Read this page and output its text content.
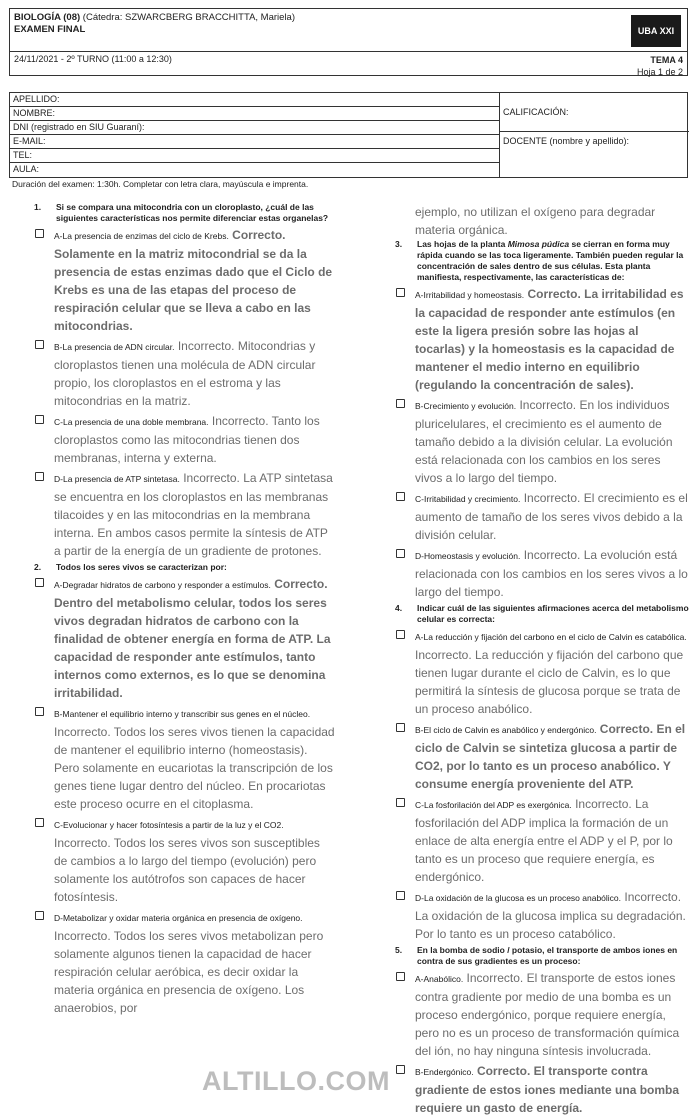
BIOLOGÍA (08) (Cátedra: SZWARCBERG BRACCHITTA, Mariela)
EXAMEN FINAL	UBA XXI
24/11/2021 - 2º TURNO (11:00 a 12:30)	TEMA 4
Hoja 1 de 2
APELLIDO:
NOMBRE:
DNI (registrado en SIU Guaraní):
E-MAIL:
TEL:
AULA:
CALIFICACIÓN:
DOCENTE (nombre y apellido):
Duración del examen: 1:30h. Completar con letra clara, mayúscula e imprenta.
1.	Si se compara una mitocondria con un cloroplasto, ¿cuál de las siguientes características nos permite diferenciar estas organelas?
A-La presencia de enzimas del ciclo de Krebs. Correcto. Solamente en la matriz mitocondrial se da la presencia de estas enzimas dado que el Ciclo de Krebs es una de las etapas del proceso de respiración celular que se lleva a cabo en las mitocondrias.
B-La presencia de ADN circular. Incorrecto. Mitocondrias y cloroplastos tienen una molécula de ADN circular propio, los cloroplastos en el estroma y las mitocondrias en la matriz.
C-La presencia de una doble membrana. Incorrecto. Tanto los cloroplastos como las mitocondrias tienen dos membranas, interna y externa.
D-La presencia de ATP sintetasa. Incorrecto. La ATP sintetasa se encuentra en los cloroplastos en las membranas tilacoides y en las mitocondrias en la membrana interna. En ambos casos permite la síntesis de ATP a partir de la energía de un gradiente de protones.
2.	Todos los seres vivos se caracterizan por:
A-Degradar hidratos de carbono y responder a estímulos. Correcto. Dentro del metabolismo celular, todos los seres vivos degradan hidratos de carbono con la finalidad de obtener energía en forma de ATP. La capacidad de responder ante estímulos, tanto internos como externos, es lo que se denomina irritabilidad.
B-Mantener el equilibrio interno y transcribir sus genes en el núcleo. Incorrecto. Todos los seres vivos tienen la capacidad de mantener el equilibrio interno (homeostasis). Pero solamente en eucariotas la transcripción de los genes tiene lugar dentro del núcleo. En procariotas este proceso ocurre en el citoplasma.
C-Evolucionar y hacer fotosíntesis a partir de la luz y el CO2. Incorrecto. Todos los seres vivos son susceptibles de cambios a lo largo del tiempo (evolución) pero solamente los autótrofos son capaces de hacer fotosíntesis.
D-Metabolizar y oxidar materia orgánica en presencia de oxígeno. Incorrecto. Todos los seres vivos metabolizan pero solamente algunos tienen la capacidad de hacer respiración celular aeróbica, es decir oxidar la materia orgánica en presencia de oxígeno. Los anaerobios, por
ejemplo, no utilizan el oxígeno para degradar materia orgánica.
3.	Las hojas de la planta Mimosa púdica se cierran en forma muy rápida cuando se las toca ligeramente. También pueden regular la concentración de sales dentro de sus células. Esta planta manifiesta, respectivamente, las características de:
A-Irritabilidad y homeostasis. Correcto. La irritabilidad es la capacidad de responder ante estímulos (en este la ligera presión sobre las hojas al tocarlas) y la homeostasis es la capacidad de mantener el medio interno en equilibrio (regulando la concentración de sales).
B-Crecimiento y evolución. Incorrecto. En los individuos pluricelulares, el crecimiento es el aumento de tamaño debido a la división celular. La evolución está relacionada con los cambios en los seres vivos a lo largo del tiempo.
C-Irritabilidad y crecimiento. Incorrecto. El crecimiento es el aumento de tamaño de los seres vivos debido a la división celular.
D-Homeostasis y evolución. Incorrecto. La evolución está relacionada con los cambios en los seres vivos a lo largo del tiempo.
4.	Indicar cuál de las siguientes afirmaciones acerca del metabolismo celular es correcta:
A-La reducción y fijación del carbono en el ciclo de Calvin es catabólica. Incorrecto. La reducción y fijación del carbono que tienen lugar durante el ciclo de Calvin, es lo que permitirá la síntesis de glucosa porque se trata de un proceso anabólico.
B-El ciclo de Calvin es anabólico y endergónico. Correcto. En el ciclo de Calvin se sintetiza glucosa a partir de CO2, por lo tanto es un proceso anabólico. Y consume energía proveniente del ATP.
C-La fosforilación del ADP es exergónica. Incorrecto. La fosforilación del ADP implica la formación de un enlace de alta energía entre el ADP y el P, por lo tanto es un proceso que requiere energía, es endergónico.
D-La oxidación de la glucosa es un proceso anabólico. Incorrecto. La oxidación de la glucosa implica su degradación. Por lo tanto es un proceso catabólico.
5.	En la bomba de sodio / potasio, el transporte de ambos iones en contra de sus gradientes es un proceso:
A-Anabólico. Incorrecto. El transporte de estos iones contra gradiente por medio de una bomba es un proceso endergónico, porque requiere energía, pero no es un proceso de transformación química del ión, no hay ninguna síntesis involucrada.
B-Endergónico. Correcto. El transporte contra gradiente de estos iones mediante una bomba requiere un gasto de energía.
ALTILLO.COM
